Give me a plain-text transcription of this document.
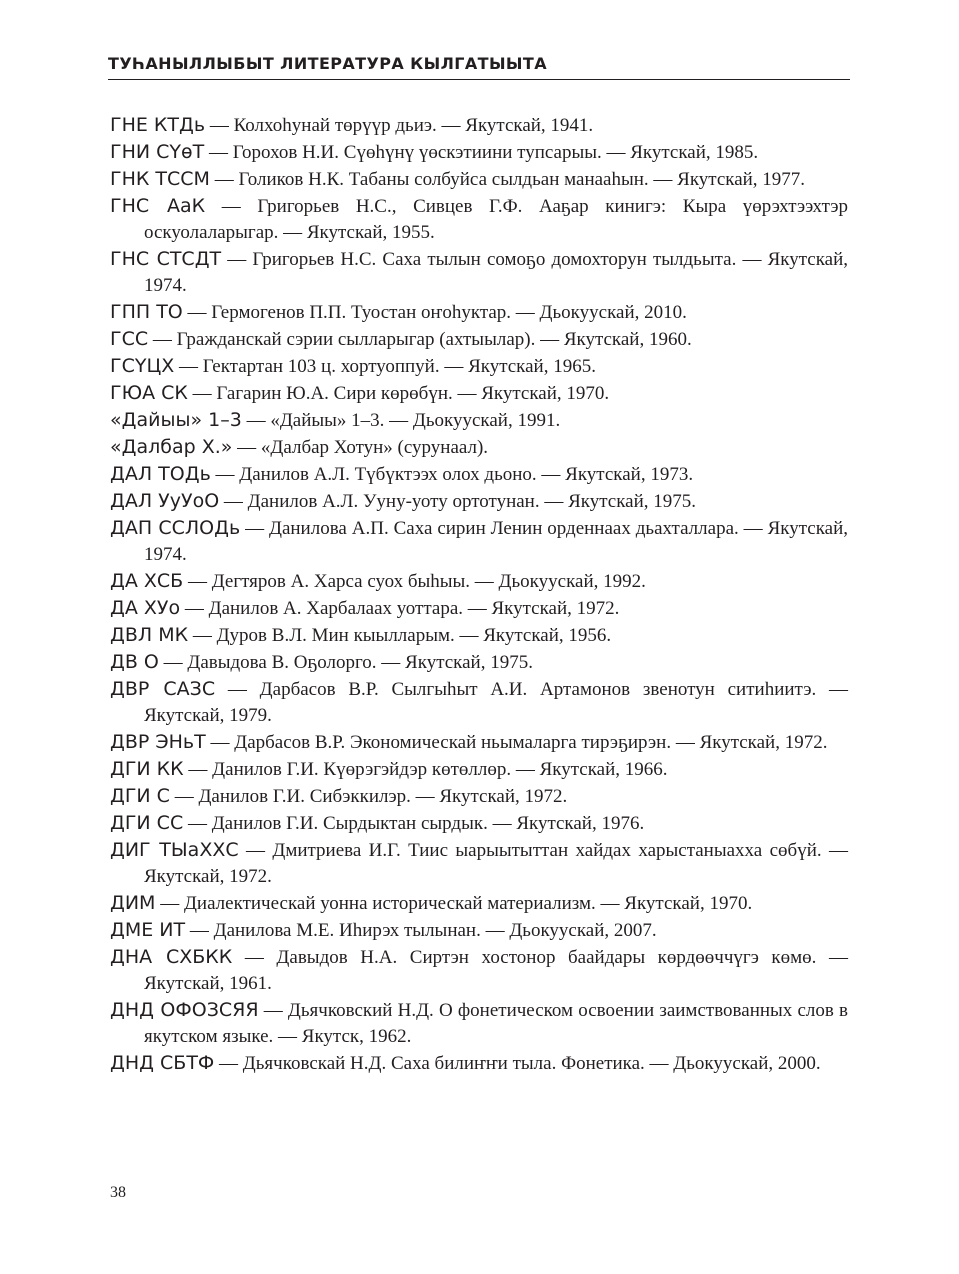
ТУҺАНЫЛЛЫБЫТ ЛИТЕРАТУРА КЫЛГАТЫЫТА

ГНЕ КТДь — Колхоһунай төрүүр дьиэ. — Якутскай, 1941.

ГНИ СҮөТ — Горохов Н.И. Сүөһүнү үөскэтиини тупсарыы. — Якутскай, 1985.

ГНК ТССМ — Голиков Н.К. Табаны солбуйса сылдьан манааһын. — Якутскай, 1977.

ГНС АаК — Григорьев Н.С., Сивцев Г.Ф. Ааҕар кинигэ: Кыра үөрэхтээхтэр оскуолаларыгар. — Якутскай, 1955.

ГНС СТСДТ — Григорьев Н.С. Саха тылын сомоҕо домохторун тылдьыта. — Якутскай, 1974.

ГПП ТО — Гермогенов П.П. Туостан оҥоһуктар. — Дьокуускай, 2010.

ГСС — Гражданскай сэрии сылларыгар (ахтыылар). — Якутскай, 1960.

ГСҮЦХ — Гектартан 103 ц. хортуоппуй. — Якутскай, 1965.

ГЮА СК — Гагарин Ю.А. Сири көрөбүн. — Якутскай, 1970.

«Дайыы» 1–3 — «Дайыы» 1–3. — Дьокуускай, 1991.

«Далбар Х.» — «Далбар Хотун» (сурунаал).

ДАЛ ТОДь — Данилов А.Л. Түбүктээх олох дьоно. — Якутскай, 1973.

ДАЛ УуУоО — Данилов А.Л. Ууну-уоту ортотунан. — Якутскай, 1975.

ДАП ССЛОДь — Данилова А.П. Саха сирин Ленин орденнаах дьахталлара. — Якутскай, 1974.

ДА ХСБ — Дегтяров А. Харса суох быһыы. — Дьокуускай, 1992.

ДА ХУо — Данилов А. Харбалаах уоттара. — Якутскай, 1972.

ДВЛ МК — Дуров В.Л. Мин кыылларым. — Якутскай, 1956.

ДВ О — Давыдова В. Оҕолорго. — Якутскай, 1975.

ДВР САЗС — Дарбасов В.Р. Сылгыһыт А.И. Артамонов звенотун ситиһиитэ. — Якутскай, 1979.

ДВР ЭНьТ — Дарбасов В.Р. Экономическай ньымаларга тирэҕирэн. — Якутскай, 1972.

ДГИ КК — Данилов Г.И. Күөрэгэйдэр көтөллөр. — Якутскай, 1966.

ДГИ С — Данилов Г.И. Сибэккилэр. — Якутскай, 1972.

ДГИ СС — Данилов Г.И. Сырдыктан сырдык. — Якутскай, 1976.

ДИГ ТЫаХХС — Дмитриева И.Г. Тиис ыарыытыттан хайдах харыстаныахха сөбүй. — Якутскай, 1972.

ДИМ — Диалектическай уонна историческай материализм. — Якутскай, 1970.

ДМЕ ИТ — Данилова М.Е. Иһирэх тылынан. — Дьокуускай, 2007.

ДНА СХБКК — Давыдов Н.А. Сиртэн хостонор баайдары көрдөөччүгэ көмө. — Якутскай, 1961.

ДНД ОФОЗСЯЯ — Дьячковский Н.Д. О фонетическом освоении заимствованных слов в якутском языке. — Якутск, 1962.

ДНД СБТФ — Дьячковскай Н.Д. Саха билиҥҥи тыла. Фонетика. — Дьокуускай, 2000.

38
